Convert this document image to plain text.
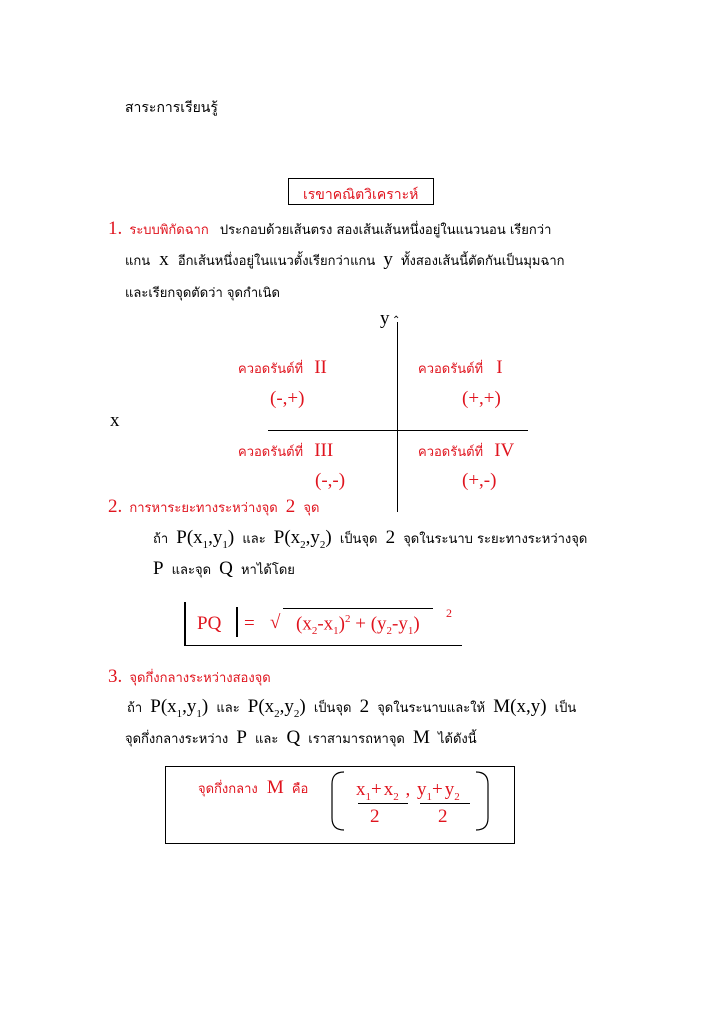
สาระการเรียนรู้
เรขาคณิตวิเคราะห์
1. ระบบพิกัดฉาก ประกอบด้วยเส้นตรง สองเส้นเส้นหนึ่งอยู่ในแนวนอน เรียกว่า
แกน x อีกเส้นหนึ่งอยู่ในแนวตั้งเรียกว่าแกน y ทั้งสองเส้นนี้ตัดกันเป็นมุมฉาก
และเรียกจุดตัดว่า จุดกำเนิด
⌃
y
x
ควอดรันต์ที่ II
(-,+)
ควอดรันต์ที่ I
(+,+)
ควอดรันต์ที่ III
(-,-)
ควอดรันต์ที่ IV
(+,-)
2. การหาระยะทางระหว่างจุด 2 จุด
ถ้า $P(x_1,y_1)$ และ $P(x_2,y_2)$ เป็นจุด 2 จุดในระนาบ ระยะทางระหว่างจุด
P และจุด Q หาได้โดย
PQ = √ $(x_2-x_1)^2 + (y_2-y_1)$
2
3. จุดกึ่งกลางระหว่างสองจุด
ถ้า $P(x_1,y_1)$ และ $P(x_2,y_2)$ เป็นจุด 2 จุดในระนาบและให้ M(x,y) เป็น
จุดกึ่งกลางระหว่าง P และ Q เราสามารถหาจุด M ได้ดังนี้
จุดกึ่งกลาง M คือ	$x_1+ x_2$ , $y_1+ y_2$
2	2
